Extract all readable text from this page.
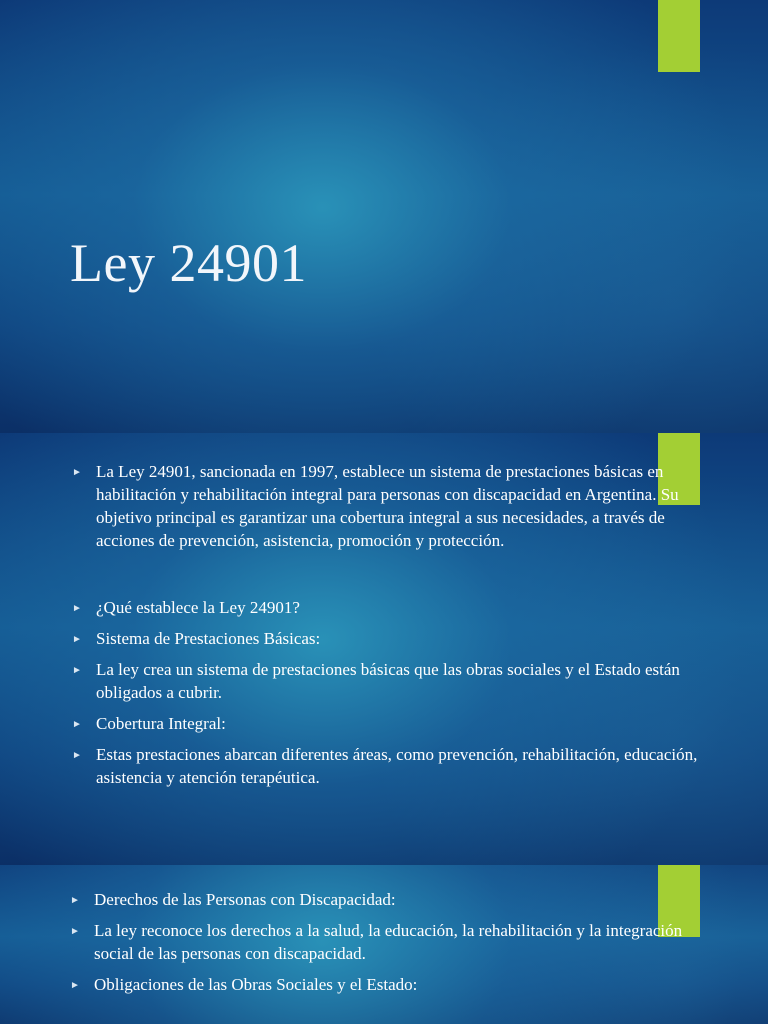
Ley 24901
► La Ley 24901, sancionada en 1997, establece un sistema de prestaciones básicas en habilitación y rehabilitación integral para personas con discapacidad en Argentina. Su objetivo principal es garantizar una cobertura integral a sus necesidades, a través de acciones de prevención, asistencia, promoción y protección.
► ¿Qué establece la Ley 24901?
► Sistema de Prestaciones Básicas:
► La ley crea un sistema de prestaciones básicas que las obras sociales y el Estado están obligados a cubrir.
► Cobertura Integral:
► Estas prestaciones abarcan diferentes áreas, como prevención, rehabilitación, educación, asistencia y atención terapéutica.
► Derechos de las Personas con Discapacidad:
► La ley reconoce los derechos a la salud, la educación, la rehabilitación y la integración social de las personas con discapacidad.
► Obligaciones de las Obras Sociales y el Estado:
